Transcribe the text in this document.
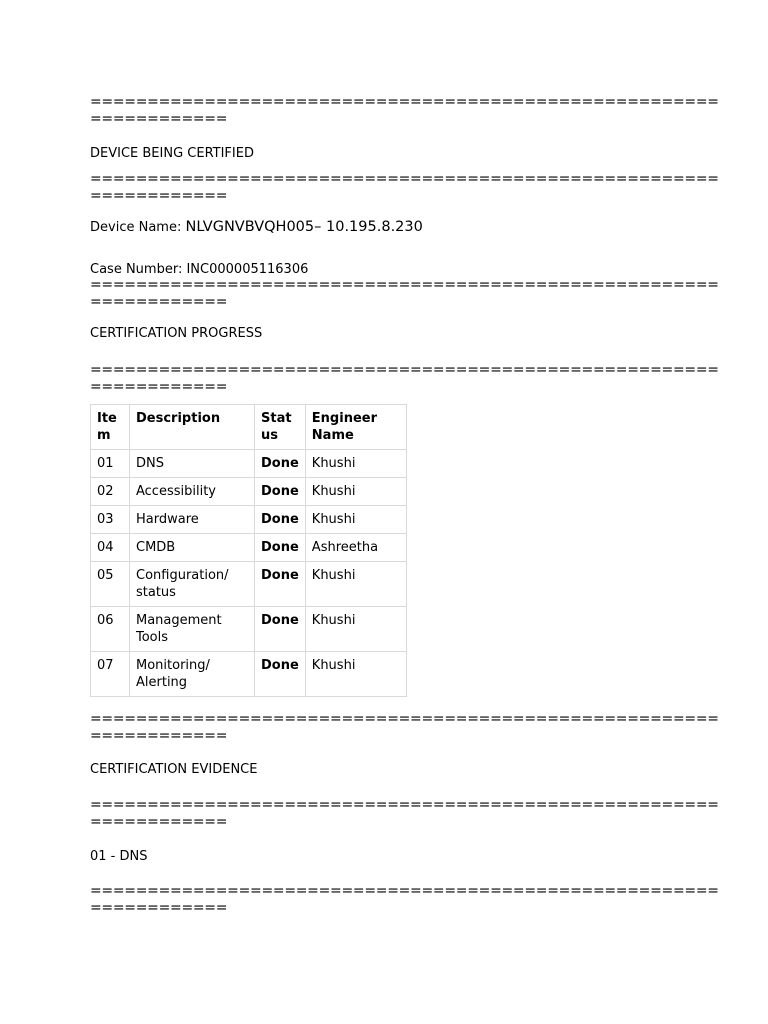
=======================================================
============
DEVICE BEING CERTIFIED
=======================================================
============
Device Name: NLVGNVBVQH005– 10.195.8.230
Case Number: INC000005116306
=======================================================
============
CERTIFICATION PROGRESS
=======================================================
============
Item	Description	Status	Engineer Name

01	DNS	Done	Khushi
02	Accessibility	Done	Khushi
03	Hardware	Done	Khushi
04	CMDB	Done	Ashreetha
05	Configuration/ status	Done	Khushi
06	Management Tools	Done	Khushi
07	Monitoring/ Alerting	Done	Khushi
=======================================================
============
CERTIFICATION EVIDENCE
=======================================================
============
01 - DNS
=======================================================
============
